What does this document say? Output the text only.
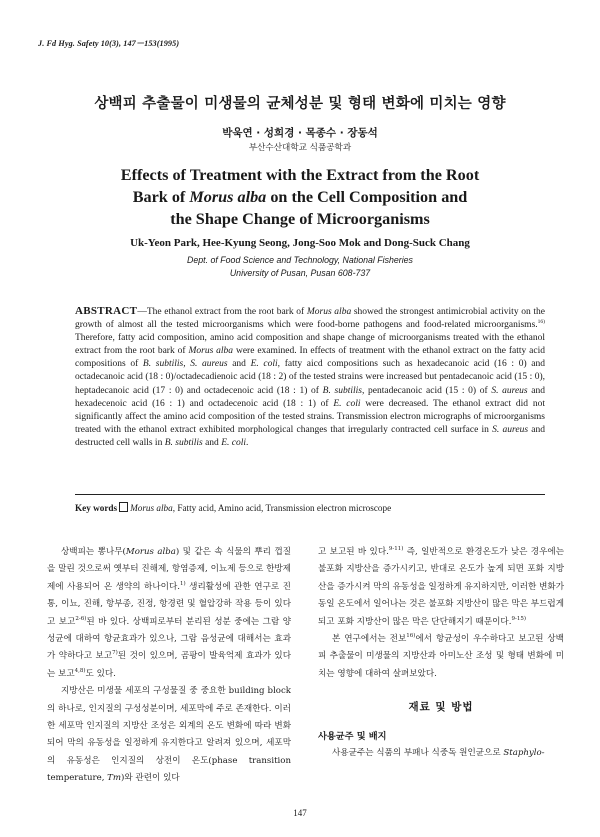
J. Fd Hyg. Safety 10(3), 147－153(1995)
상백피 추출물이 미생물의 균체성분 및 형태 변화에 미치는 영향
박욱연 · 성희경 · 목종수 · 장동석
부산수산대학교 식품공학과
Effects of Treatment with the Extract from the Root
Bark of Morus alba on the Cell Composition and
the Shape Change of Microorganisms
Uk-Yeon Park, Hee-Kyung Seong, Jong-Soo Mok and Dong-Suck Chang
Dept. of Food Science and Technology, National Fisheries
University of Pusan, Pusan 608-737
ABSTRACT—The ethanol extract from the root bark of Morus alba showed the strongest antimicrobial activity on the growth of almost all the tested microorganisms which were food-borne pathogens and food-related microorganisms.$^{16)}$ Therefore, fatty acid composition, amino acid composition and shape change of microorganisms treated with the ethanol extract from the root bark of Morus alba were examined. In effects of treatment with the ethanol extract on the fatty acid compositions of B. subtilis, S. aureus and E. coli, fatty aicd compositions such as hexadecanoic acid (16 : 0) and octadecanoic acid (18 : 0)/octadecadienoic acid (18 : 2) of the tested strains were increased but pentadecanoic acid (15 : 0), heptadecanoic acid (17 : 0) and octadecenoic acid (18 : 1) of B. subtilis, pentadecanoic acid (15 : 0) of S. aureus and hexadecenoic acid (16 : 1) and octadecenoic acid (18 : 1) of E. coli were decreased. The ethanol extract did not significantly affect the amino acid composition of the tested strains. Transmission electron micrographs of microorganisms treated with the ethanol extract exhibited morphological changes that irregularly contracted cell surface in S. aureus and destructed cell walls in B. subtilis and E. coli.
Key words Morus alba, Fatty acid, Amino acid, Transmission electron microscope

상백피는 뽕나무(Morus alba) 및 같은 속 식물의 뿌리 껍질을 말린 것으로써 옛부터 진해제, 항염증제, 이뇨제 등으로 한방제제에 사용되어 온 생약의 하나이다.$^{1)}$ 생리활성에 관한 연구로 진통, 이뇨, 진해, 항부종, 진정, 항경련 및 혈압강하 작용 등이 있다고 보고$^{2-6)}$된 바 있다. 상백피로부터 분리된 성분 중에는 그람 양성균에 대하여 항균효과가 있으나, 그람 음성균에 대해서는 효과가 약하다고 보고$^{7)}$된 것이 있으며, 곰팡이 발육억제 효과가 있다는 보고$^{4,8)}$도 있다.

지방산은 미생물 세포의 구성물질 중 중요한 building block의 하나로, 인지질의 구성성분이며, 세포막에 주로 존재한다. 이러한 세포막 인지질의 지방산 조성은 외계의 온도 변화에 따라 변화되어 막의 유동성을 일정하게 유지한다고 알려져 있으며, 세포막의 유동성은 인지질의 상전이 온도(phase transition temperature, Tm)와 관련이 있다

고 보고된 바 있다.$^{9-11)}$ 즉, 일반적으로 환경온도가 낮은 경우에는 불포화 지방산을 증가시키고, 반대로 온도가 높게 되면 포화 지방산을 증가시켜 막의 유동성을 일정하게 유지하지만, 이러한 변화가 동일 온도에서 일어나는 것은 불포화 지방산이 많은 막은 부드럽게 되고 포화 지방산이 많은 막은 단단해지기 때문이다.$^{9-15)}$

본 연구에서는 전보$^{16)}$에서 항균성이 우수하다고 보고된 상백피 추출물이 미생물의 지방산과 아미노산 조성 및 형태 변화에 미치는 영향에 대하여 살펴보았다.

재료 및 방법
사용균주 및 배지

사용균주는 식품의 부패나 식중독 원인균으로 Staphylo-

147
